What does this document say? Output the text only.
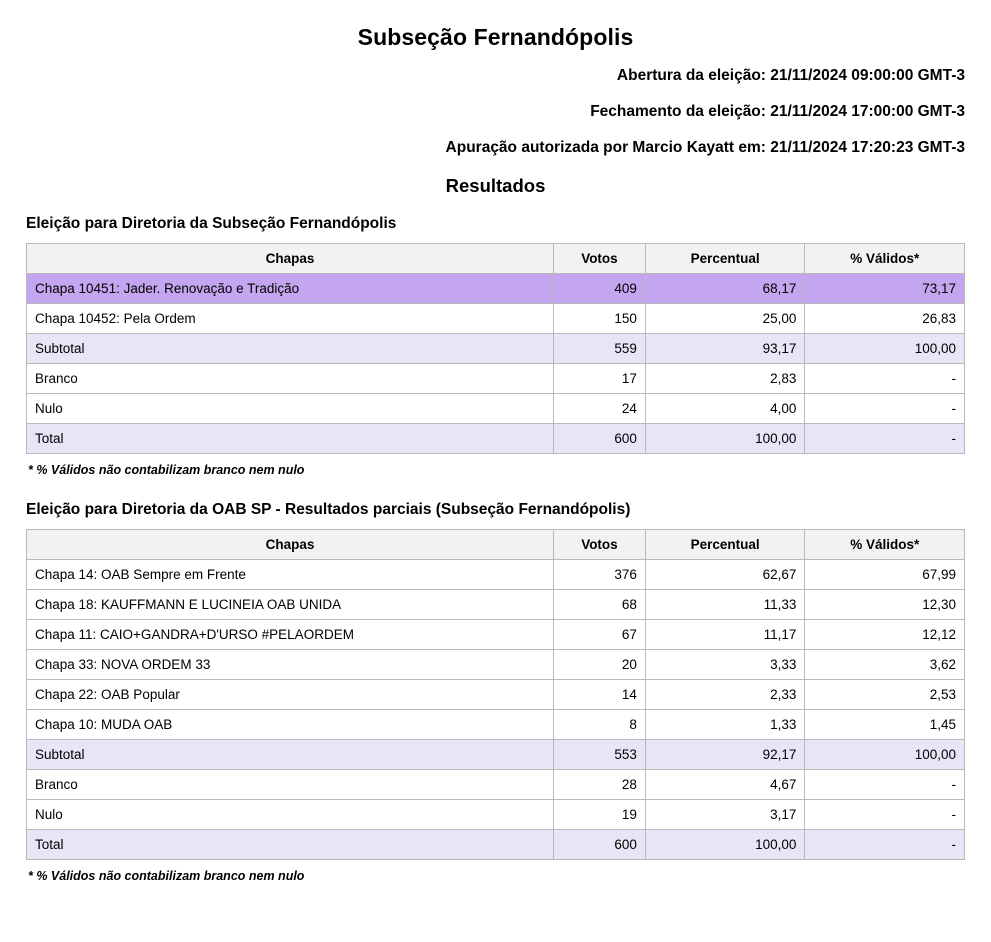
Subseção Fernandópolis
Abertura da eleição: 21/11/2024 09:00:00 GMT-3
Fechamento da eleição: 21/11/2024 17:00:00 GMT-3
Apuração autorizada por Marcio Kayatt em: 21/11/2024 17:20:23 GMT-3
Resultados
Eleição para Diretoria da Subseção Fernandópolis
Chapas	Votos	Percentual	% Válidos*
Chapa 10451: Jader. Renovação e Tradição	409	68,17	73,17
Chapa 10452: Pela Ordem	150	25,00	26,83
Subtotal	559	93,17	100,00
Branco	17	2,83	-
Nulo	24	4,00	-
Total	600	100,00	-
* % Válidos não contabilizam branco nem nulo
Eleição para Diretoria da OAB SP - Resultados parciais (Subseção Fernandópolis)
Chapas	Votos	Percentual	% Válidos*
Chapa 14: OAB Sempre em Frente	376	62,67	67,99
Chapa 18: KAUFFMANN E LUCINEIA OAB UNIDA	68	11,33	12,30
Chapa 11: CAIO+GANDRA+D'URSO #PELAORDEM	67	11,17	12,12
Chapa 33: NOVA ORDEM 33	20	3,33	3,62
Chapa 22: OAB Popular	14	2,33	2,53
Chapa 10: MUDA OAB	8	1,33	1,45
Subtotal	553	92,17	100,00
Branco	28	4,67	-
Nulo	19	3,17	-
Total	600	100,00	-
* % Válidos não contabilizam branco nem nulo
